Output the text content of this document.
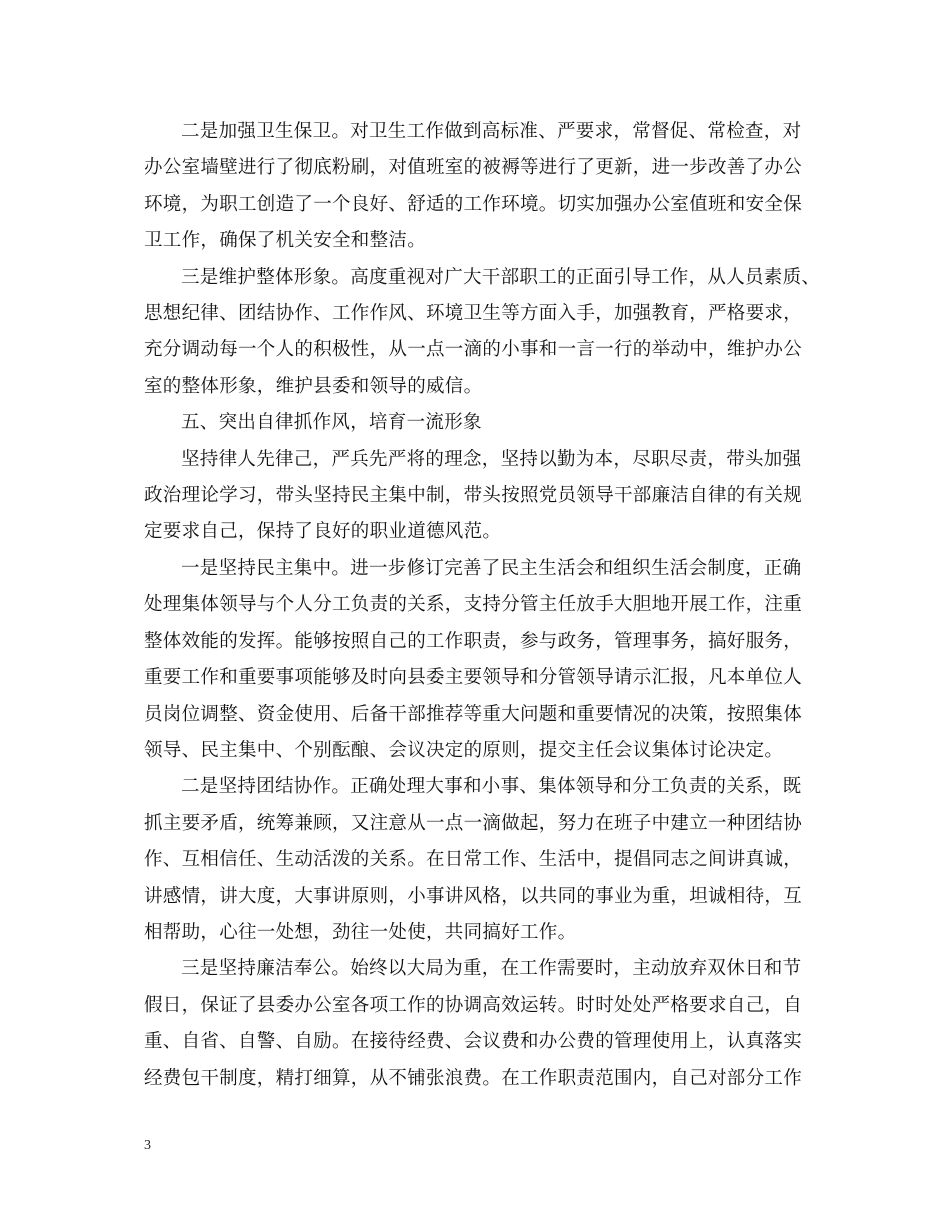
二是加强卫生保卫。对卫生工作做到高标准、严要求，常督促、常检查，对
办公室墙壁进行了彻底粉刷，对值班室的被褥等进行了更新，进一步改善了办公
环境，为职工创造了一个良好、舒适的工作环境。切实加强办公室值班和安全保
卫工作，确保了机关安全和整洁。

三是维护整体形象。高度重视对广大干部职工的正面引导工作，从人员素质、
思想纪律、团结协作、工作作风、环境卫生等方面入手，加强教育，严格要求，
充分调动每一个人的积极性，从一点一滴的小事和一言一行的举动中，维护办公
室的整体形象，维护县委和领导的威信。

五、突出自律抓作风，培育一流形象

坚持律人先律己，严兵先严将的理念，坚持以勤为本，尽职尽责，带头加强
政治理论学习，带头坚持民主集中制，带头按照党员领导干部廉洁自律的有关规
定要求自己，保持了良好的职业道德风范。

一是坚持民主集中。进一步修订完善了民主生活会和组织生活会制度，正确
处理集体领导与个人分工负责的关系，支持分管主任放手大胆地开展工作，注重
整体效能的发挥。能够按照自己的工作职责，参与政务，管理事务，搞好服务，
重要工作和重要事项能够及时向县委主要领导和分管领导请示汇报，凡本单位人
员岗位调整、资金使用、后备干部推荐等重大问题和重要情况的决策，按照集体
领导、民主集中、个别酝酿、会议决定的原则，提交主任会议集体讨论决定。

二是坚持团结协作。正确处理大事和小事、集体领导和分工负责的关系，既
抓主要矛盾，统筹兼顾，又注意从一点一滴做起，努力在班子中建立一种团结协
作、互相信任、生动活泼的关系。在日常工作、生活中，提倡同志之间讲真诚，
讲感情，讲大度，大事讲原则，小事讲风格，以共同的事业为重，坦诚相待，互
相帮助，心往一处想，劲往一处使，共同搞好工作。

三是坚持廉洁奉公。始终以大局为重，在工作需要时，主动放弃双休日和节
假日，保证了县委办公室各项工作的协调高效运转。时时处处严格要求自己，自
重、自省、自警、自励。在接待经费、会议费和办公费的管理使用上，认真落实
经费包干制度，精打细算，从不铺张浪费。在工作职责范围内，自己对部分工作

3
